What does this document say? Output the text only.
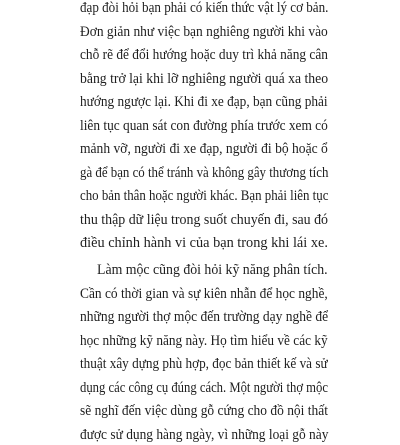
đạp đòi hỏi bạn phải có kiến thức vật lý cơ bản.
Đơn giản như việc bạn nghiêng người khi vào
chỗ rẽ để đổi hướng hoặc duy trì khả năng cân
bằng trở lại khi lỡ nghiêng người quá xa theo
hướng ngược lại. Khi đi xe đạp, bạn cũng phải
liên tục quan sát con đường phía trước xem có
mảnh vỡ, người đi xe đạp, người đi bộ hoặc ổ
gà để bạn có thể tránh và không gây thương tích
cho bản thân hoặc người khác. Bạn phải liên tục
thu thập dữ liệu trong suốt chuyến đi, sau đó
điều chỉnh hành vi của bạn trong khi lái xe.
Làm mộc cũng đòi hỏi kỹ năng phân tích.
Cần có thời gian và sự kiên nhẫn để học nghề,
những người thợ mộc đến trường dạy nghề để
học những kỹ năng này. Họ tìm hiểu về các kỹ
thuật xây dựng phù hợp, đọc bản thiết kế và sử
dụng các công cụ đúng cách. Một người thợ mộc
sẽ nghĩ đến việc dùng gỗ cứng cho đồ nội thất
được sử dụng hàng ngày, vì những loại gỗ này
